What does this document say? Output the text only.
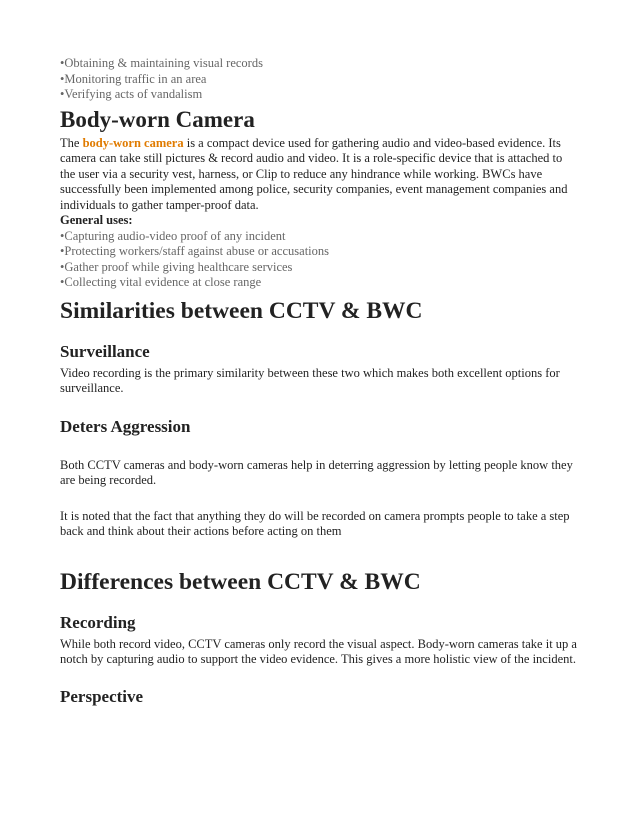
•Obtaining & maintaining visual records
•Monitoring traffic in an area
•Verifying acts of vandalism
Body-worn Camera

The body-worn camera is a compact device used for gathering audio and video-based evidence. Its camera can take still pictures & record audio and video. It is a role-specific device that is attached to the user via a security vest, harness, or Clip to reduce any hindrance while working. BWCs have successfully been implemented among police, security companies, event management companies and individuals to gather tamper-proof data.

General uses:

•Capturing audio-video proof of any incident
•Protecting workers/staff against abuse or accusations
•Gather proof while giving healthcare services
•Collecting vital evidence at close range
Similarities between CCTV & BWC
Surveillance

Video recording is the primary similarity between these two which makes both excellent options for surveillance.

Deters Aggression

Both CCTV cameras and body-worn cameras help in deterring aggression by letting people know they are being recorded.

It is noted that the fact that anything they do will be recorded on camera prompts people to take a step back and think about their actions before acting on them

Differences between CCTV & BWC
Recording

While both record video, CCTV cameras only record the visual aspect. Body-worn cameras take it up a notch by capturing audio to support the video evidence. This gives a more holistic view of the incident.

Perspective
